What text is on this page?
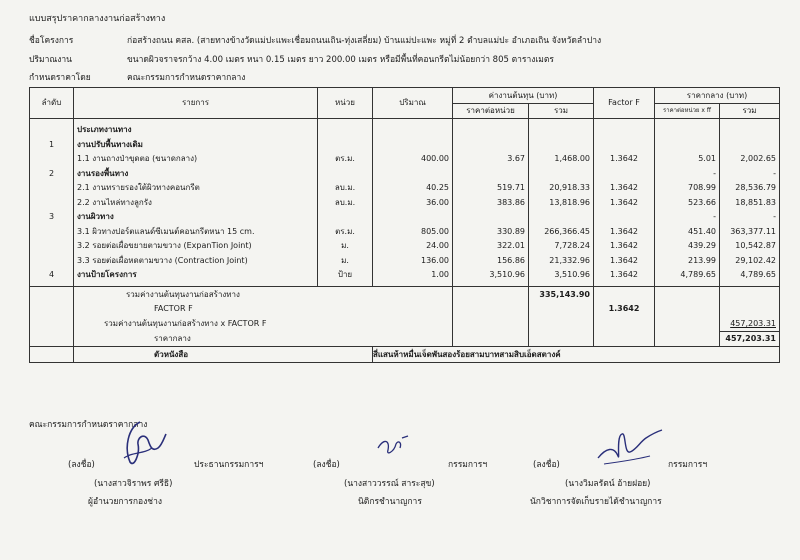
แบบสรุปราคากลางงานก่อสร้างทาง
ชื่อโครงการ	ก่อสร้างถนน คสล. (สายทางข้างวัดแม่ปะแพะเชื่อมถนนเถิน-ทุ่งเสลี่ยม) บ้านแม่ปะแพะ หมู่ที่ 2 ตำบลแม่ปะ อำเภอเถิน จังหวัดลำปาง
ปริมาณงาน	ขนาดผิวจราจรกว้าง 4.00 เมตร หนา 0.15 เมตร ยาว 200.00 เมตร หรือมีพื้นที่คอนกรีตไม่น้อยกว่า 805 ตารางเมตร
กำหนดราคาโดย	คณะกรรมการกำหนดราคากลาง
ลำดับ	รายการ	หน่วย	ปริมาณ	ค่างานต้นทุน (บาท)		Factor F	ราคากลาง (บาท)	
				ราคาต่อหน่วย	รวม		ราคาต่อหน่วย x ff	รวม

	ประเภทงานทาง							
1	งานปรับพื้นทางเดิม							
	1.1 งานถางป่าขุดตอ (ขนาดกลาง)	ตร.ม.	400.00	3.67	1,468.00	1.3642	5.01	2,002.65
2	งานรองพื้นทาง						-	-
	2.1 งานทรายรองใต้ผิวทางคอนกรีต	ลบ.ม.	40.25	519.71	20,918.33	1.3642	708.99	28,536.79
	2.2 งานไหล่ทางลูกรัง	ลบ.ม.	36.00	383.86	13,818.96	1.3642	523.66	18,851.83
3	งานผิวทาง						-	-
	3.1 ผิวทางปอร์ตแลนด์ซีเมนต์คอนกรีตหนา 15 cm.	ตร.ม.	805.00	330.89	266,366.45	1.3642	451.40	363,377.11
	3.2 รอยต่อเผื่อขยายตามขวาง (ExpanTion Joint)	ม.	24.00	322.01	7,728.24	1.3642	439.29	10,542.87
	3.3 รอยต่อเผื่อหดตามขวาง (Contraction Joint)	ม.	136.00	156.86	21,332.96	1.3642	213.99	29,102.42
4	งานป้ายโครงการ	ป้าย	1.00	3,510.96	3,510.96	1.3642	4,789.65	4,789.65

	รวมค่างานต้นทุนงานก่อสร้างทาง				335,143.90			
	FACTOR F					1.3642		
	รวมค่างานต้นทุนงานก่อสร้างทาง x FACTOR F							457,203.31
	ราคากลาง							457,203.31
	ตัวหนังสือ		สี่แสนห้าหมื่นเจ็ดพันสองร้อยสามบาทสามสิบเอ็ดสตางค์					
คณะกรรมการกำหนดราคากลาง
(ลงชื่อ)	ประธานกรรมการฯ
(นางสาวจิราพร ศรีธิ)
ผู้อำนวยการกองช่าง
(ลงชื่อ)	กรรมการฯ
(นางสาววรรณ์ สาระสุข)
นิติกรชำนาญการ
(ลงชื่อ)	กรรมการฯ
(นางวิมลรัตน์ อ้ายฝอย)
นักวิชาการจัดเก็บรายได้ชำนาญการ
